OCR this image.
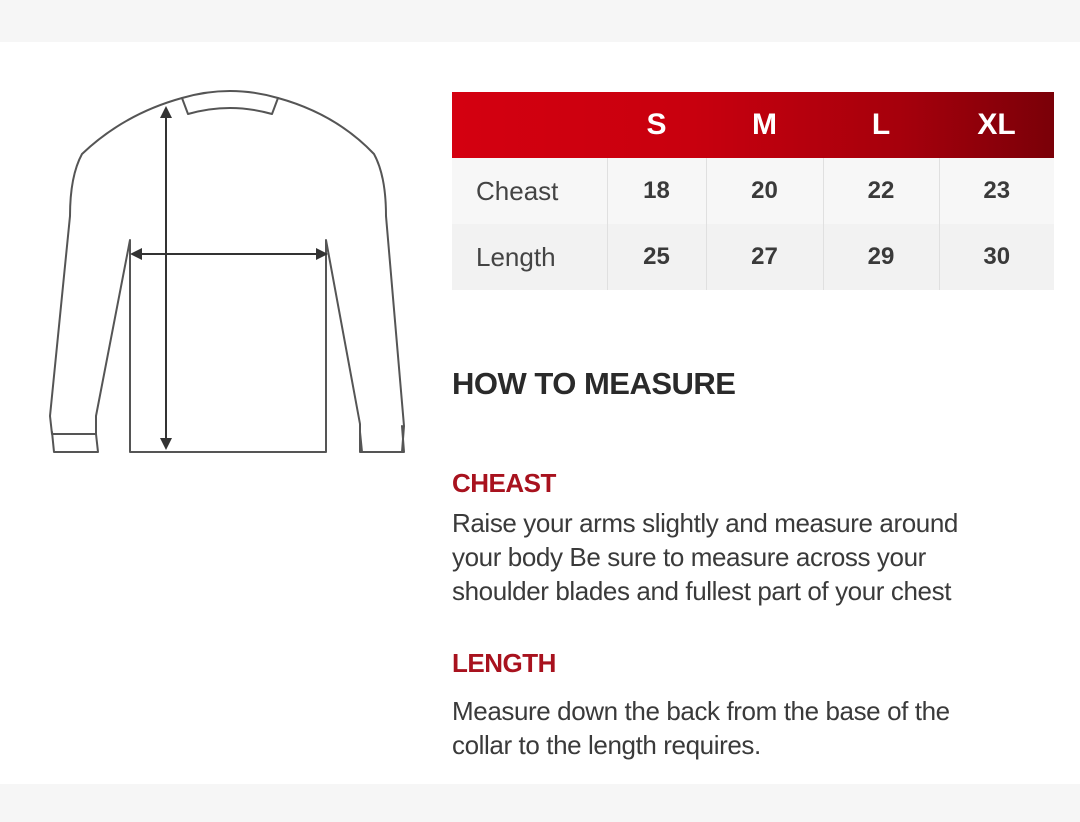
	S	M	L	XL
Cheast	18	20	22	23
Length	25	27	29	30
HOW TO MEASURE
CHEAST

Raise your arms slightly and measure around
your body Be sure to measure across your
shoulder blades and fullest part of your chest

LENGTH

Measure down the back from the base of the
collar to the length requires.
